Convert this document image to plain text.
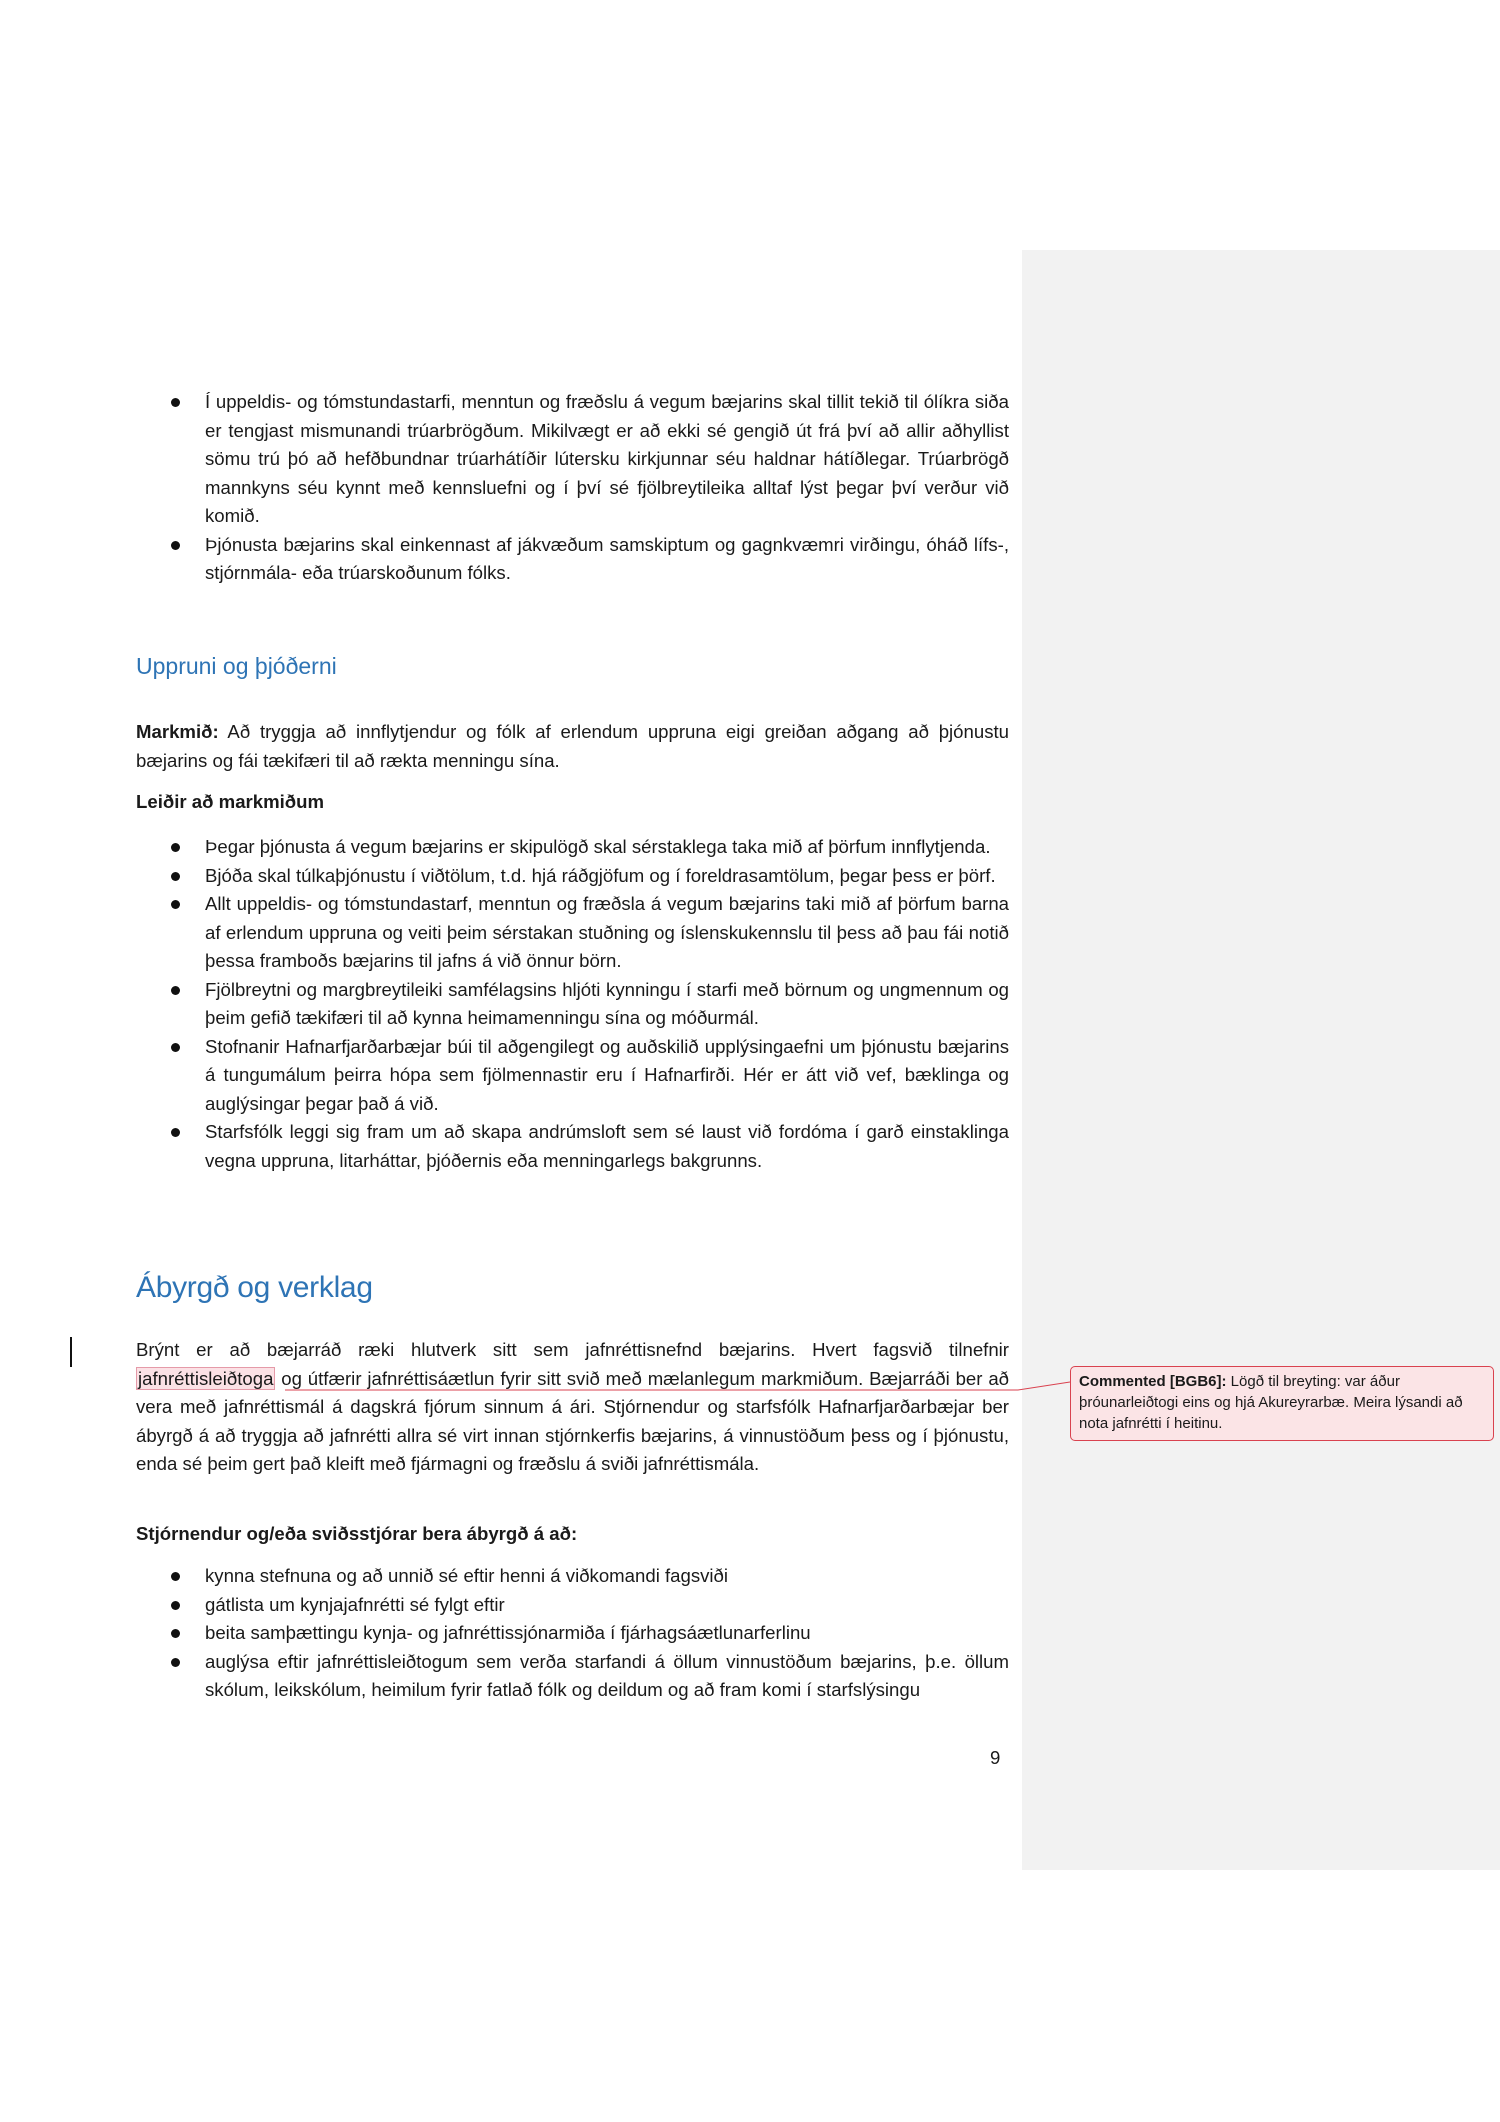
Í uppeldis- og tómstundastarfi, menntun og fræðslu á vegum bæjarins skal tillit tekið til ólíkra siða er tengjast mismunandi trúarbrögðum. Mikilvægt er að ekki sé gengið út frá því að allir aðhyllist sömu trú þó að hefðbundnar trúarhátíðir lútersku kirkjunnar séu haldnar hátíðlegar. Trúarbrögð mannkyns séu kynnt með kennsluefni og í því sé fjölbreytileika alltaf lýst þegar því verður við komið.
Þjónusta bæjarins skal einkennast af jákvæðum samskiptum og gagnkvæmri virðingu, óháð lífs-, stjórnmála- eða trúarskoðunum fólks.
Uppruni og þjóðerni

Markmið: Að tryggja að innflytjendur og fólk af erlendum uppruna eigi greiðan aðgang að þjónustu bæjarins og fái tækifæri til að rækta menningu sína.

Leiðir að markmiðum
Þegar þjónusta á vegum bæjarins er skipulögð skal sérstaklega taka mið af þörfum innflytjenda.
Bjóða skal túlkaþjónustu í viðtölum, t.d. hjá ráðgjöfum og í foreldrasamtölum, þegar þess er þörf.
Allt uppeldis- og tómstundastarf, menntun og fræðsla á vegum bæjarins taki mið af þörfum barna af erlendum uppruna og veiti þeim sérstakan stuðning og íslenskukennslu til þess að þau fái notið þessa framboðs bæjarins til jafns á við önnur börn.
Fjölbreytni og margbreytileiki samfélagsins hljóti kynningu í starfi með börnum og ungmennum og þeim gefið tækifæri til að kynna heimamenningu sína og móðurmál.
Stofnanir Hafnarfjarðarbæjar búi til aðgengilegt og auðskilið upplýsingaefni um þjónustu bæjarins á tungumálum þeirra hópa sem fjölmennastir eru í Hafnarfirði. Hér er átt við vef, bæklinga og auglýsingar þegar það á við.
Starfsfólk leggi sig fram um að skapa andrúmsloft sem sé laust við fordóma í garð einstaklinga vegna uppruna, litarháttar, þjóðernis eða menningarlegs bakgrunns.
Ábyrgð og verklag

Brýnt er að bæjarráð ræki hlutverk sitt sem jafnréttisnefnd bæjarins. Hvert fagsvið tilnefnir jafnréttisleiðtoga og útfærir jafnréttisáætlun fyrir sitt svið með mælanlegum markmiðum. Bæjarráði ber að vera með jafnréttismál á dagskrá fjórum sinnum á ári. Stjórnendur og starfsfólk Hafnarfjarðarbæjar ber ábyrgð á að tryggja að jafnrétti allra sé virt innan stjórnkerfis bæjarins, á vinnustöðum þess og í þjónustu, enda sé þeim gert það kleift með fjármagni og fræðslu á sviði jafnréttismála.

Stjórnendur og/eða sviðsstjórar bera ábyrgð á að:
kynna stefnuna og að unnið sé eftir henni á viðkomandi fagsviði
gátlista um kynjajafnrétti sé fylgt eftir
beita samþættingu kynja- og jafnréttissjónarmiða í fjárhagsáætlunarferlinu
auglýsa eftir jafnréttisleiðtogum sem verða starfandi á öllum vinnustöðum bæjarins, þ.e. öllum skólum, leikskólum, heimilum fyrir fatlað fólk og deildum og að fram komi í starfslýsingu
Commented [BGB6]: Lögð til breyting: var áður þróunarleiðtogi eins og hjá Akureyrarbæ. Meira lýsandi að nota jafnrétti í heitinu.
9
